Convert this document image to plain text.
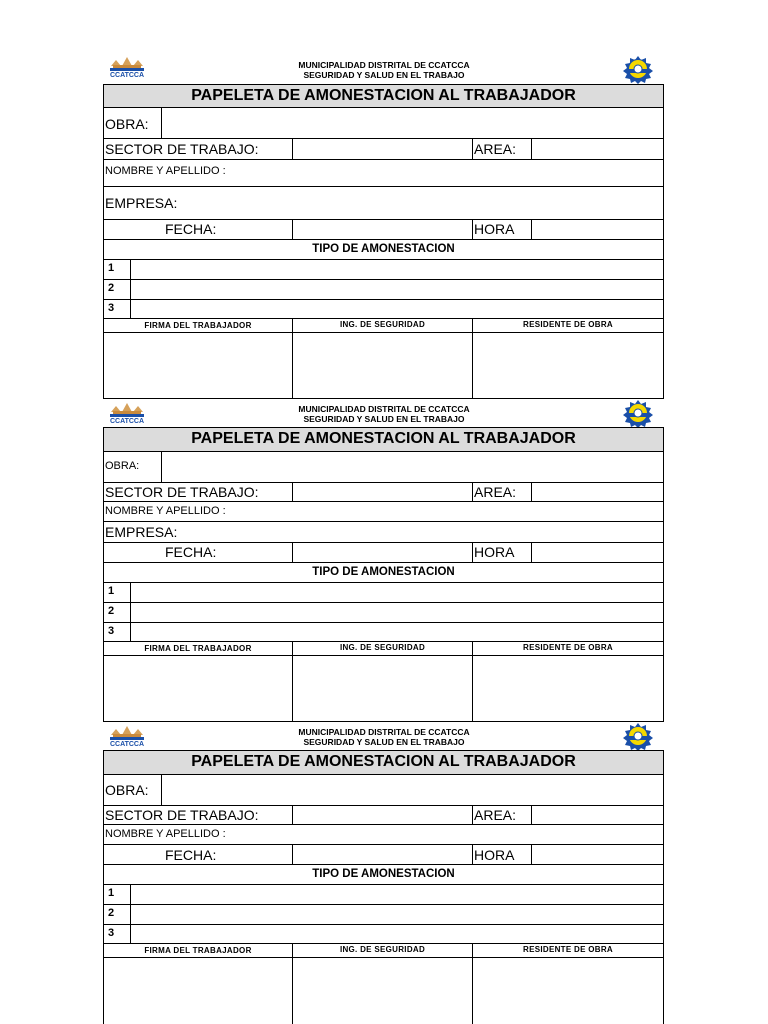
CCATCCA
MUNICIPALIDAD DISTRITAL DE CCATCCA
SEGURIDAD Y SALUD EN EL TRABAJO
PAPELETA DE AMONESTACION AL TRABAJADOR
OBRA:
SECTOR DE TRABAJO:	AREA:
NOMBRE Y APELLIDO :
EMPRESA:
FECHA:	HORA
TIPO DE AMONESTACION
1
2
3
FIRMA DEL TRABAJADOR	ING. DE SEGURIDAD	RESIDENTE DE OBRA
CCATCCA
MUNICIPALIDAD DISTRITAL DE CCATCCA
SEGURIDAD Y SALUD EN EL TRABAJO
PAPELETA DE AMONESTACION AL TRABAJADOR
OBRA:
SECTOR DE TRABAJO:	AREA:
NOMBRE Y APELLIDO :
EMPRESA:
FECHA:	HORA
TIPO DE AMONESTACION
1
2
3
FIRMA DEL TRABAJADOR	ING. DE SEGURIDAD	RESIDENTE DE OBRA
CCATCCA
MUNICIPALIDAD DISTRITAL DE CCATCCA
SEGURIDAD Y SALUD EN EL TRABAJO
PAPELETA DE AMONESTACION AL TRABAJADOR
OBRA:
SECTOR DE TRABAJO:	AREA:
NOMBRE Y APELLIDO :
FECHA:	HORA
TIPO DE AMONESTACION
1
2
3
FIRMA DEL TRABAJADOR	ING. DE SEGURIDAD	RESIDENTE DE OBRA
